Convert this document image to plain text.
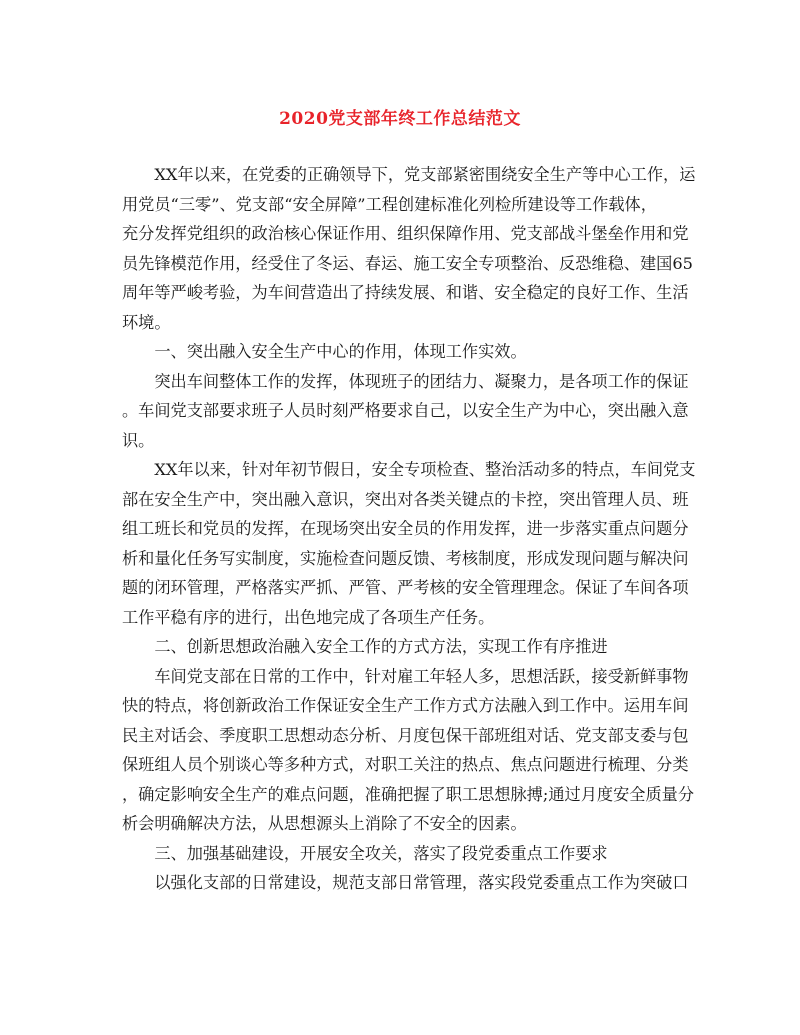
2020党支部年终工作总结范文
　　XX年以来，在党委的正确领导下，党支部紧密围绕安全生产等中心工作，运
用党员“三零”、党支部“安全屏障”工程创建标准化列检所建设等工作载体，
充分发挥党组织的政治核心保证作用、组织保障作用、党支部战斗堡垒作用和党
员先锋模范作用，经受住了冬运、春运、施工安全专项整治、反恐维稳、建国65
周年等严峻考验，为车间营造出了持续发展、和谐、安全稳定的良好工作、生活
环境。
　　一、突出融入安全生产中心的作用，体现工作实效。
　　突出车间整体工作的发挥，体现班子的团结力、凝聚力，是各项工作的保证
。车间党支部要求班子人员时刻严格要求自己，以安全生产为中心，突出融入意
识。
　　XX年以来，针对年初节假日，安全专项检查、整治活动多的特点，车间党支
部在安全生产中，突出融入意识，突出对各类关键点的卡控，突出管理人员、班
组工班长和党员的发挥，在现场突出安全员的作用发挥，进一步落实重点问题分
析和量化任务写实制度，实施检查问题反馈、考核制度，形成发现问题与解决问
题的闭环管理，严格落实严抓、严管、严考核的安全管理理念。保证了车间各项
工作平稳有序的进行，出色地完成了各项生产任务。
　　二、创新思想政治融入安全工作的方式方法，实现工作有序推进
　　车间党支部在日常的工作中，针对雇工年轻人多，思想活跃，接受新鲜事物
快的特点，将创新政治工作保证安全生产工作方式方法融入到工作中。运用车间
民主对话会、季度职工思想动态分析、月度包保干部班组对话、党支部支委与包
保班组人员个别谈心等多种方式，对职工关注的热点、焦点问题进行梳理、分类
，确定影响安全生产的难点问题，准确把握了职工思想脉搏;通过月度安全质量分
析会明确解决方法，从思想源头上消除了不安全的因素。
　　三、加强基础建设，开展安全攻关，落实了段党委重点工作要求
　　以强化支部的日常建设，规范支部日常管理，落实段党委重点工作为突破口
